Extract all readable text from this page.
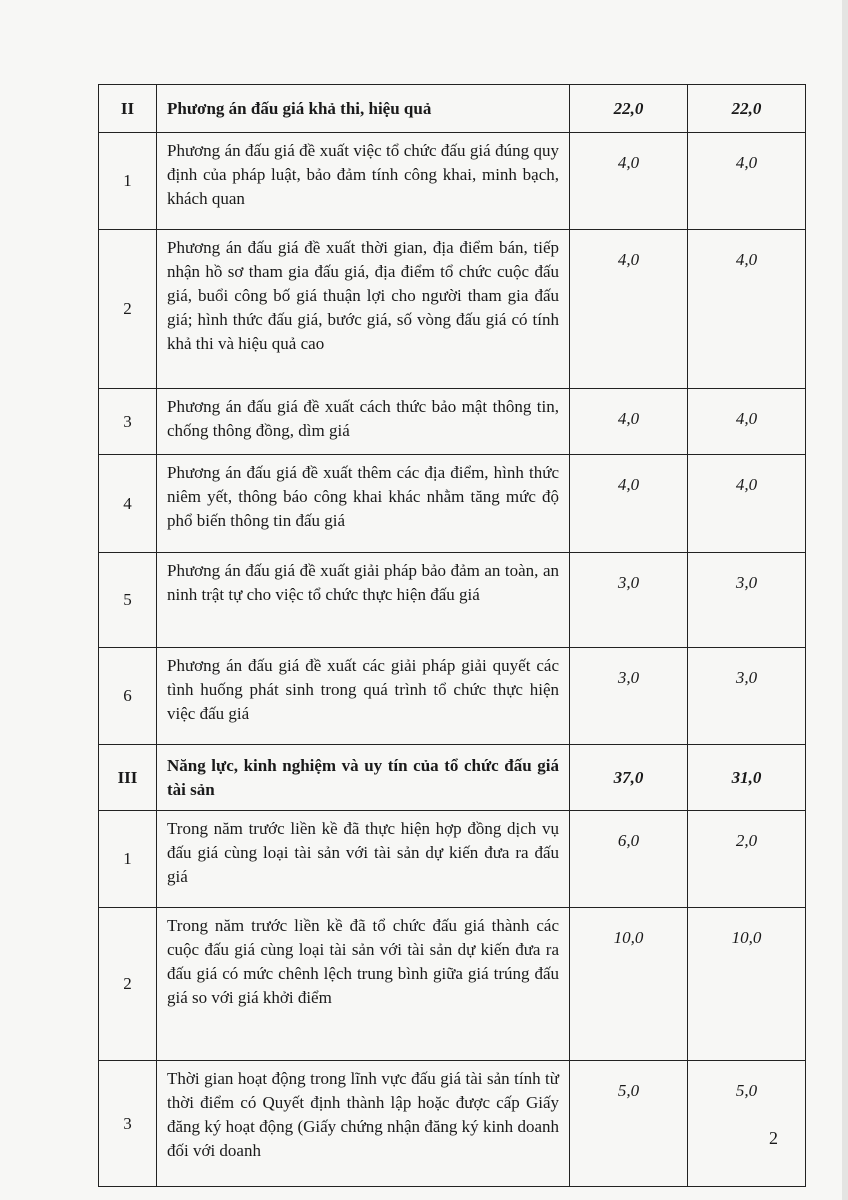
II	Phương án đấu giá khả thi, hiệu quả	22,0	22,0
1	Phương án đấu giá đề xuất việc tổ chức đấu giá đúng quy định của pháp luật, bảo đảm tính công khai, minh bạch, khách quan	4,0	4,0
2	Phương án đấu giá đề xuất thời gian, địa điểm bán, tiếp nhận hồ sơ tham gia đấu giá, địa điểm tổ chức cuộc đấu giá, buổi công bố giá thuận lợi cho người tham gia đấu giá; hình thức đấu giá, bước giá, số vòng đấu giá có tính khả thi và hiệu quả cao	4,0	4,0
3	Phương án đấu giá đề xuất cách thức bảo mật thông tin, chống thông đồng, dìm giá	4,0	4,0
4	Phương án đấu giá đề xuất thêm các địa điểm, hình thức niêm yết, thông báo công khai khác nhằm tăng mức độ phổ biến thông tin đấu giá	4,0	4,0
5	Phương án đấu giá đề xuất giải pháp bảo đảm an toàn, an ninh trật tự cho việc tổ chức thực hiện đấu giá	3,0	3,0
6	Phương án đấu giá đề xuất các giải pháp giải quyết các tình huống phát sinh trong quá trình tổ chức thực hiện việc đấu giá	3,0	3,0
III	Năng lực, kinh nghiệm và uy tín của tổ chức đấu giá tài sản	37,0	31,0
1	Trong năm trước liền kề đã thực hiện hợp đồng dịch vụ đấu giá cùng loại tài sản với tài sản dự kiến đưa ra đấu giá	6,0	2,0
2	Trong năm trước liền kề đã tổ chức đấu giá thành các cuộc đấu giá cùng loại tài sản với tài sản dự kiến đưa ra đấu giá có mức chênh lệch trung bình giữa giá trúng đấu giá so với giá khởi điểm	10,0	10,0
3	Thời gian hoạt động trong lĩnh vực đấu giá tài sản tính từ thời điểm có Quyết định thành lập hoặc được cấp Giấy đăng ký hoạt động (Giấy chứng nhận đăng ký kinh doanh đối với doanh	5,0	5,0
2
